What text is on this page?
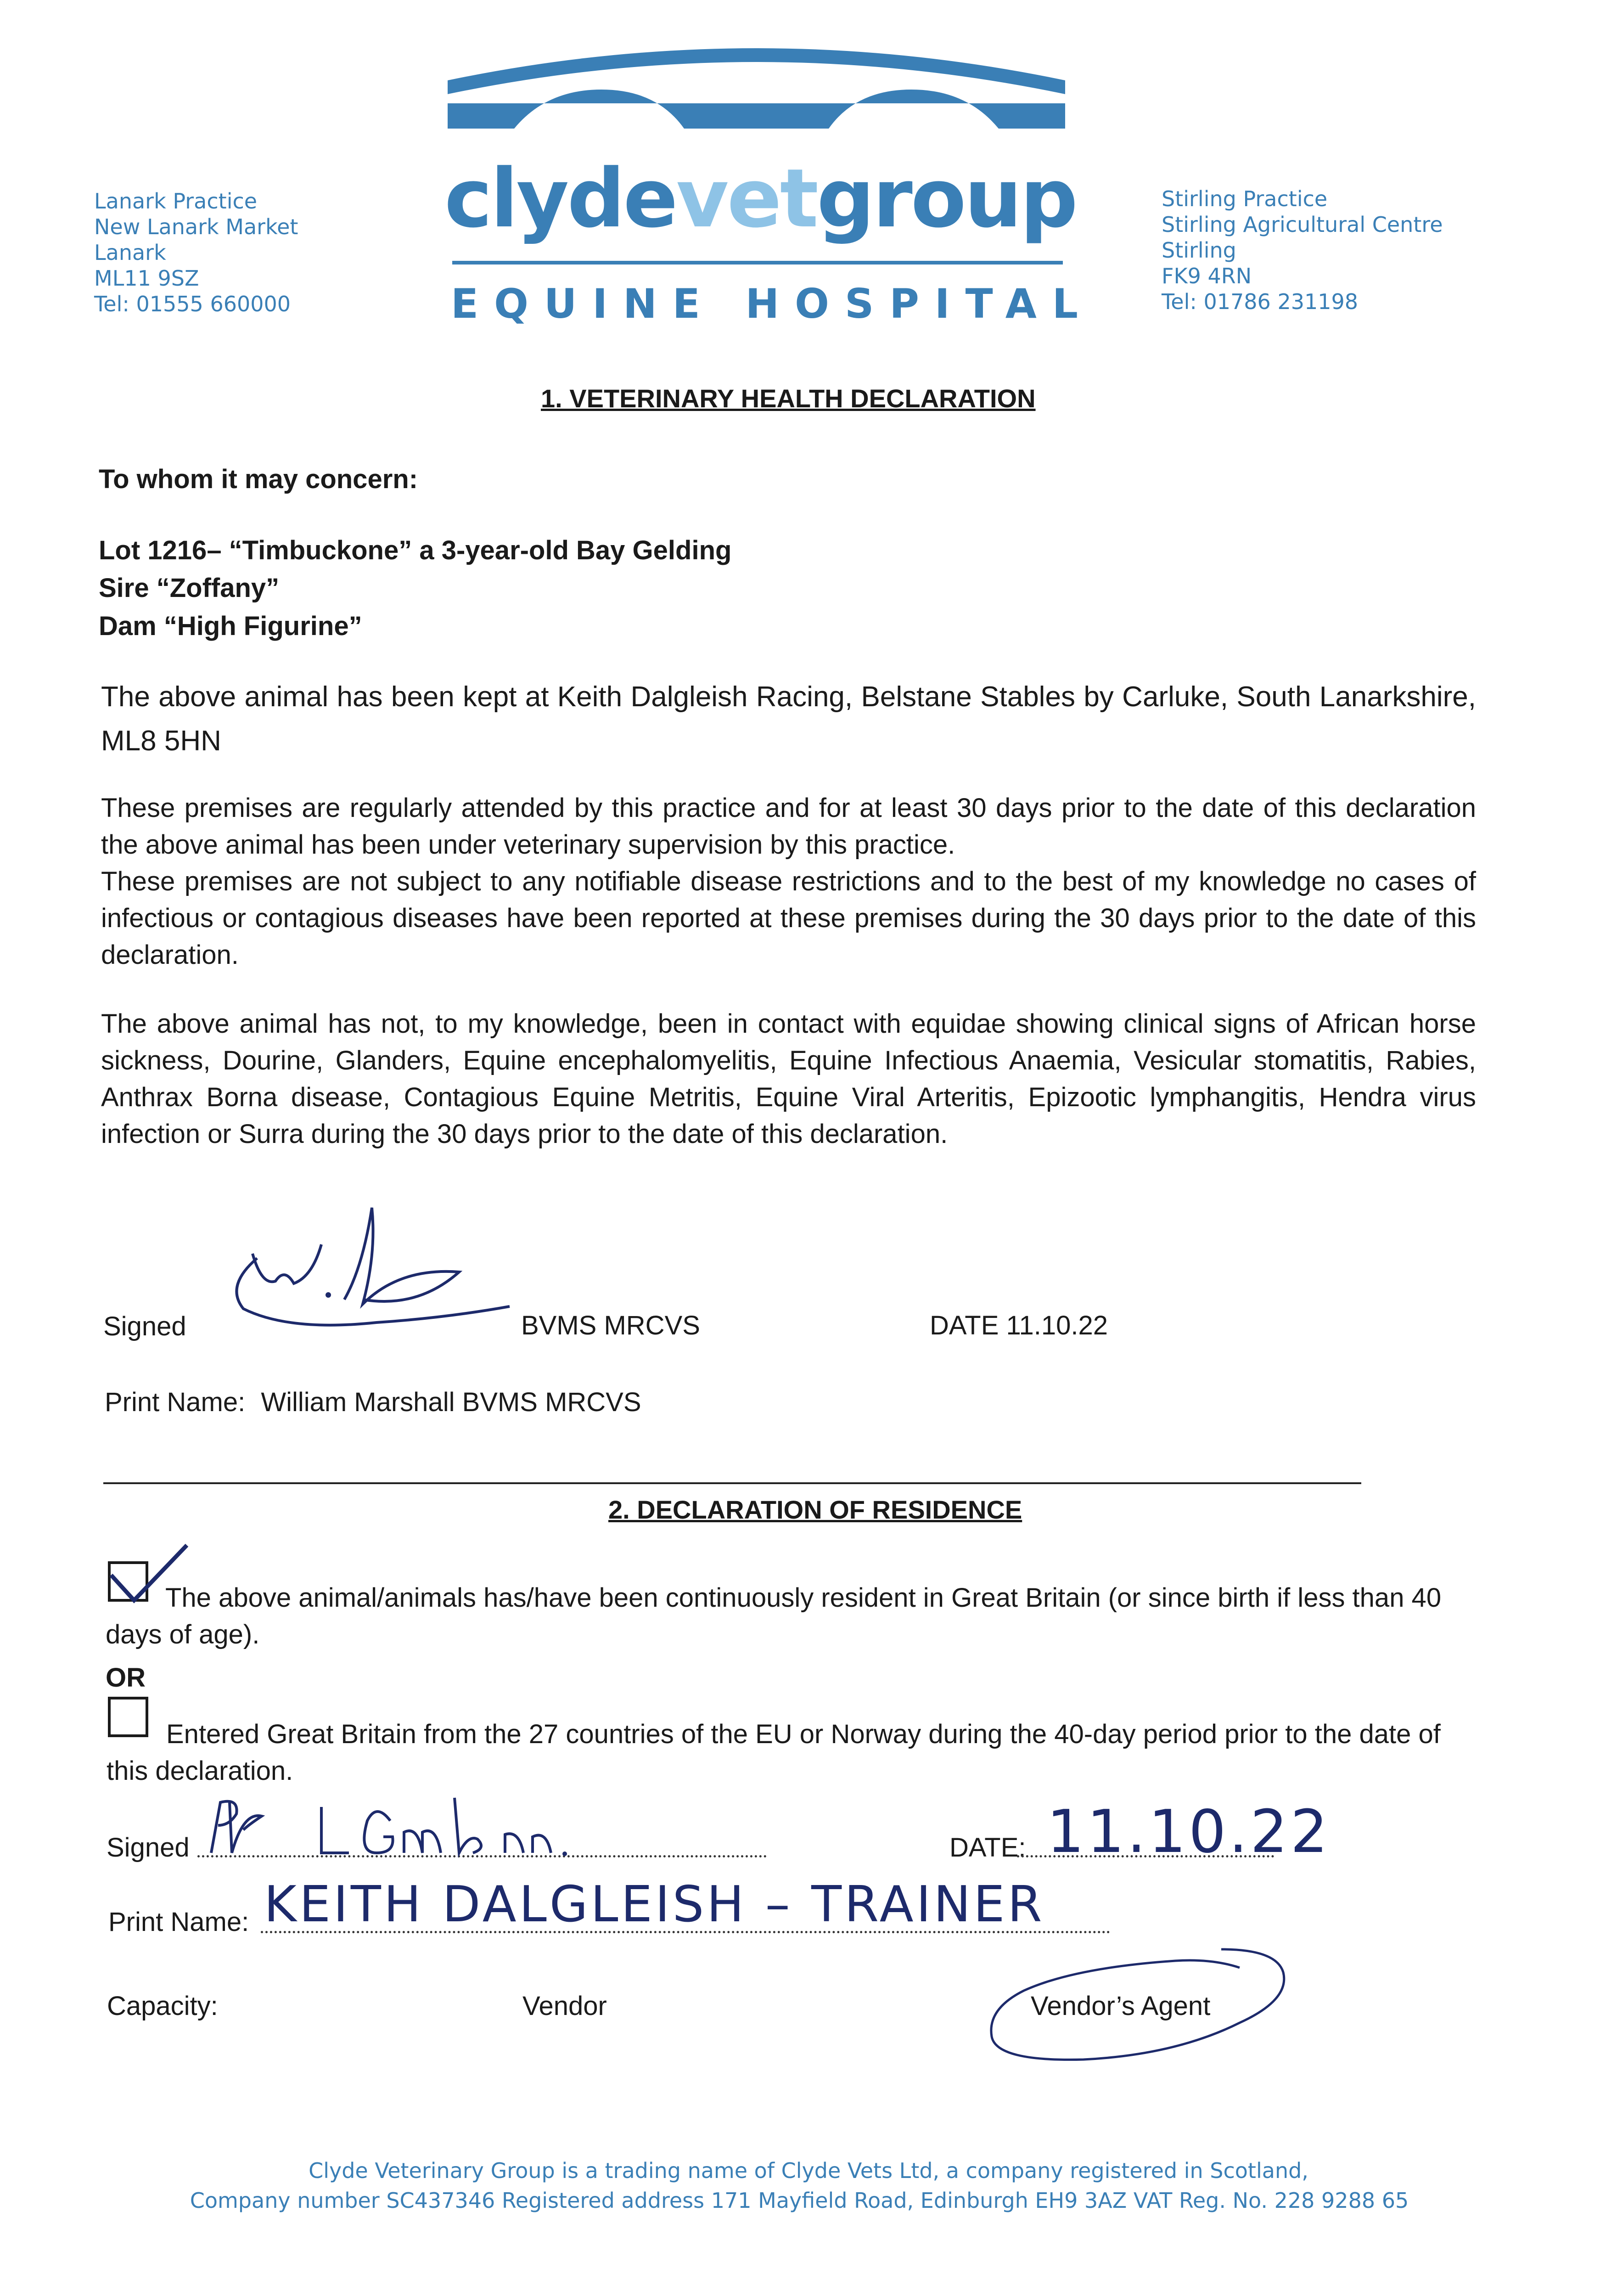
Lanark Practice
New Lanark Market
Lanark
ML11 9SZ
Tel: 01555 660000
Stirling Practice
Stirling Agricultural Centre
Stirling
FK9 4RN
Tel: 01786 231198
clydevetgroup
EQUINE HOSPITAL
1. VETERINARY HEALTH DECLARATION
To whom it may concern:
Lot 1216– “Timbuckone” a 3-year-old Bay Gelding
Sire “Zoffany”
Dam “High Figurine”
The above animal has been kept at Keith Dalgleish Racing, Belstane Stables by Carluke, South Lanarkshire, ML8 5HN
These premises are regularly attended by this practice and for at least 30 days prior to the date of this declaration the above animal has been under veterinary supervision by this practice.
These premises are not subject to any notifiable disease restrictions and to the best of my knowledge no cases of infectious or contagious diseases have been reported at these premises during the 30 days prior to the date of this declaration.
The above animal has not, to my knowledge, been in contact with equidae showing clinical signs of African horse sickness, Dourine, Glanders, Equine encephalomyelitis, Equine Infectious Anaemia, Vesicular stomatitis, Rabies, Anthrax Borna disease, Contagious Equine Metritis, Equine Viral Arteritis, Epizootic lymphangitis, Hendra virus infection or Surra during the 30 days prior to the date of this declaration.
Signed	BVMS MRCVS	DATE 11.10.22
Print Name: William Marshall BVMS MRCVS
2. DECLARATION OF RESIDENCE
The above animal/animals has/have been continuously resident in Great Britain (or since birth if less than 40 days of age).
OR
Entered Great Britain from the 27 countries of the EU or Norway during the 40-day period prior to the date of this declaration.
Signed	DATE: 11.10.22
Print Name: KEITH DALGLEISH – TRAINER
Capacity:	Vendor	Vendor’s Agent
Clyde Veterinary Group is a trading name of Clyde Vets Ltd, a company registered in Scotland,
Company number SC437346 Registered address 171 Mayfield Road, Edinburgh EH9 3AZ VAT Reg. No. 228 9288 65
